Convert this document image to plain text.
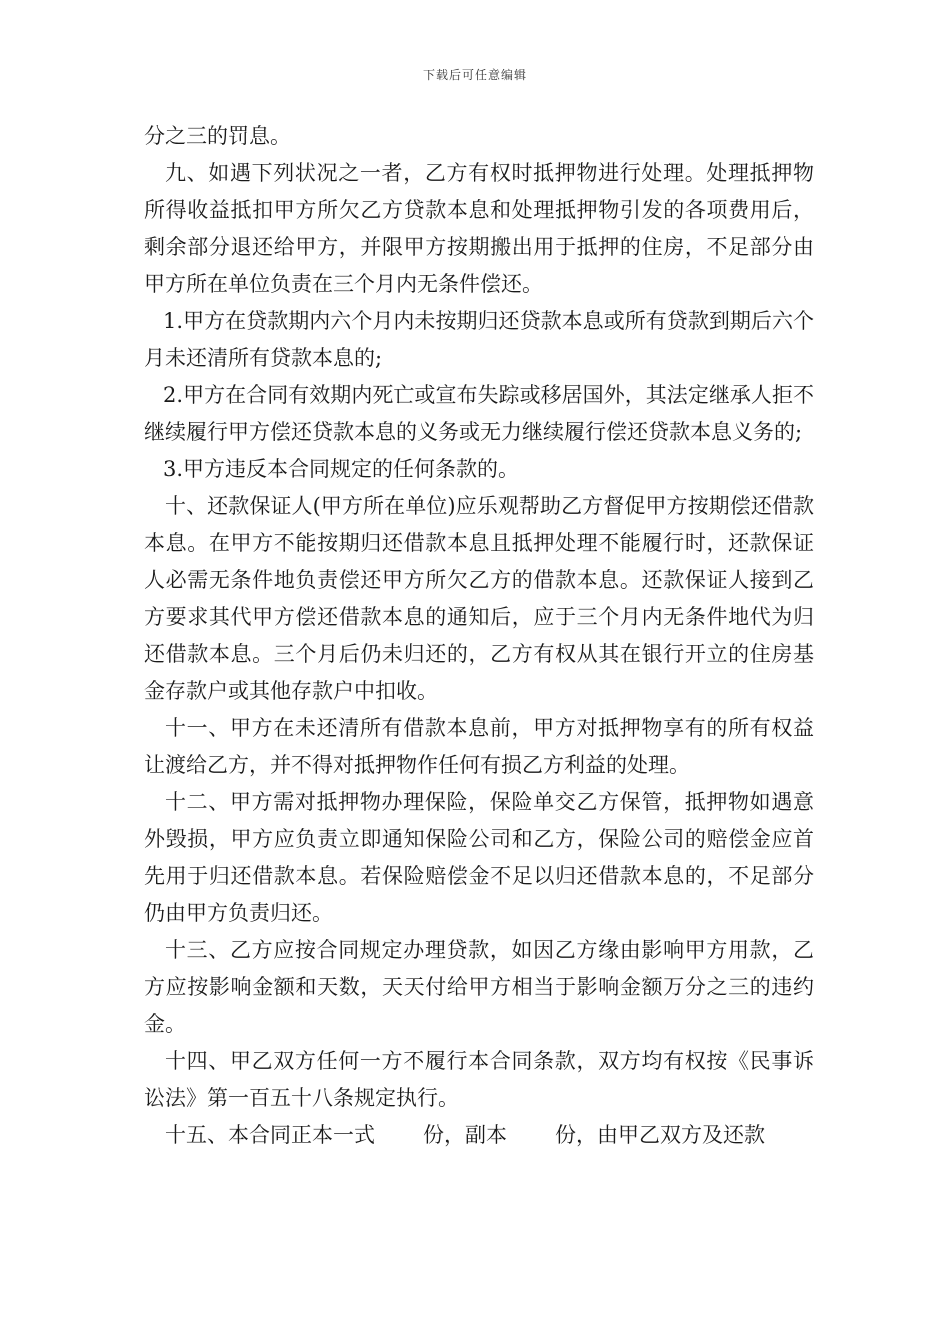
下载后可任意编辑

分之三的罚息。

九、如遇下列状况之一者，乙方有权时抵押物进行处理。处理抵押物所得收益抵扣甲方所欠乙方贷款本息和处理抵押物引发的各项费用后，剩余部分退还给甲方，并限甲方按期搬出用于抵押的住房，不足部分由甲方所在单位负责在三个月内无条件偿还。

1.甲方在贷款期内六个月内未按期归还贷款本息或所有贷款到期后六个月未还清所有贷款本息的;

2.甲方在合同有效期内死亡或宣布失踪或移居国外，其法定继承人拒不继续履行甲方偿还贷款本息的义务或无力继续履行偿还贷款本息义务的;

3.甲方违反本合同规定的任何条款的。

十、还款保证人(甲方所在单位)应乐观帮助乙方督促甲方按期偿还借款本息。在甲方不能按期归还借款本息且抵押处理不能履行时，还款保证人必需无条件地负责偿还甲方所欠乙方的借款本息。还款保证人接到乙方要求其代甲方偿还借款本息的通知后，应于三个月内无条件地代为归还借款本息。三个月后仍未归还的，乙方有权从其在银行开立的住房基金存款户或其他存款户中扣收。

十一、甲方在未还清所有借款本息前，甲方对抵押物享有的所有权益让渡给乙方，并不得对抵押物作任何有损乙方利益的处理。

十二、甲方需对抵押物办理保险，保险单交乙方保管，抵押物如遇意外毁损，甲方应负责立即通知保险公司和乙方，保险公司的赔偿金应首先用于归还借款本息。若保险赔偿金不足以归还借款本息的，不足部分仍由甲方负责归还。

十三、乙方应按合同规定办理贷款，如因乙方缘由影响甲方用款，乙方应按影响金额和天数，天天付给甲方相当于影响金额万分之三的违约金。

十四、甲乙双方任何一方不履行本合同条款，双方均有权按《民事诉讼法》第一百五十八条规定执行。

十五、本合同正本一式 份，副本 份，由甲乙双方及还款
